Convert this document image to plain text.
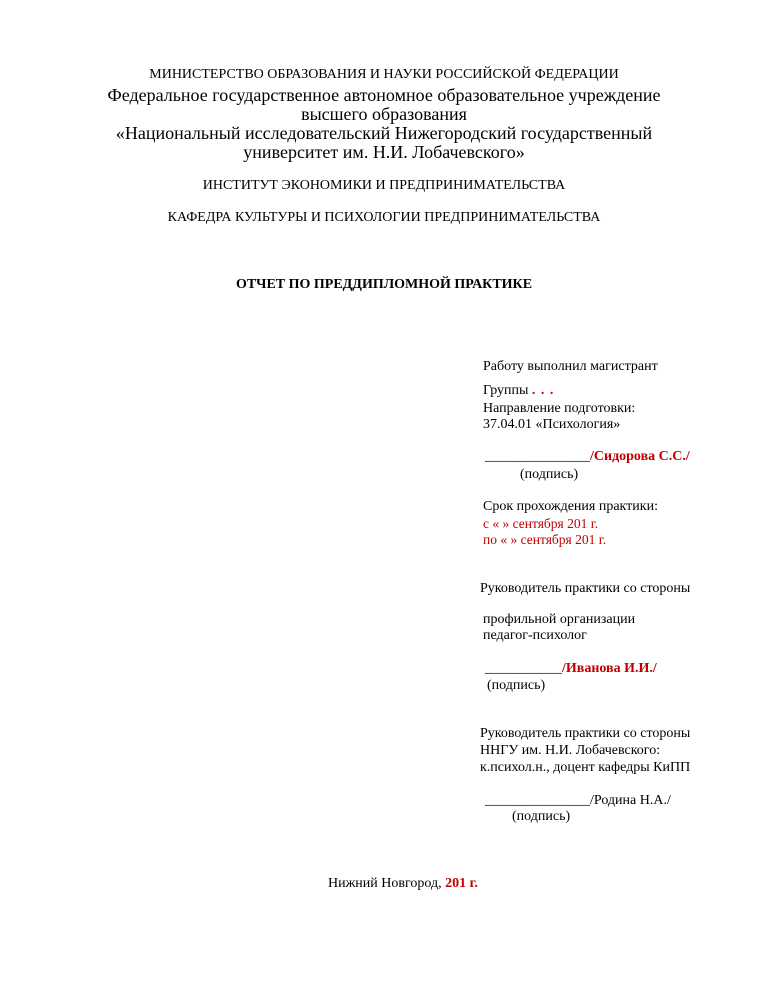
МИНИСТЕРСТВО ОБРАЗОВАНИЯ И НАУКИ РОССИЙСКОЙ ФЕДЕРАЦИИ
Федеральное государственное автономное образовательное учреждение
высшего образования
«Национальный исследовательский Нижегородский государственный
университет им. Н.И. Лобачевского»
ИНСТИТУТ ЭКОНОМИКИ И ПРЕДПРИНИМАТЕЛЬСТВА
КАФЕДРА КУЛЬТУРЫ И ПСИХОЛОГИИ ПРЕДПРИНИМАТЕЛЬСТВА
ОТЧЕТ ПО ПРЕДДИПЛОМНОЙ ПРАКТИКЕ
Работу выполнил магистрант
Группы . . .
Направление подготовки:
37.04.01 «Психология»
_______________/Сидорова С.С./
(подпись)
Срок прохождения практики:
с « » сентября 201 г.
по « » сентября 201 г.
Руководитель практики со стороны
профильной организации
педагог-психолог
___________/Иванова И.И./
(подпись)
Руководитель практики со стороны
ННГУ им. Н.И. Лобачевского:
к.психол.н., доцент кафедры КиПП
_______________/Родина Н.А./
(подпись)
Нижний Новгород, 201 г.
